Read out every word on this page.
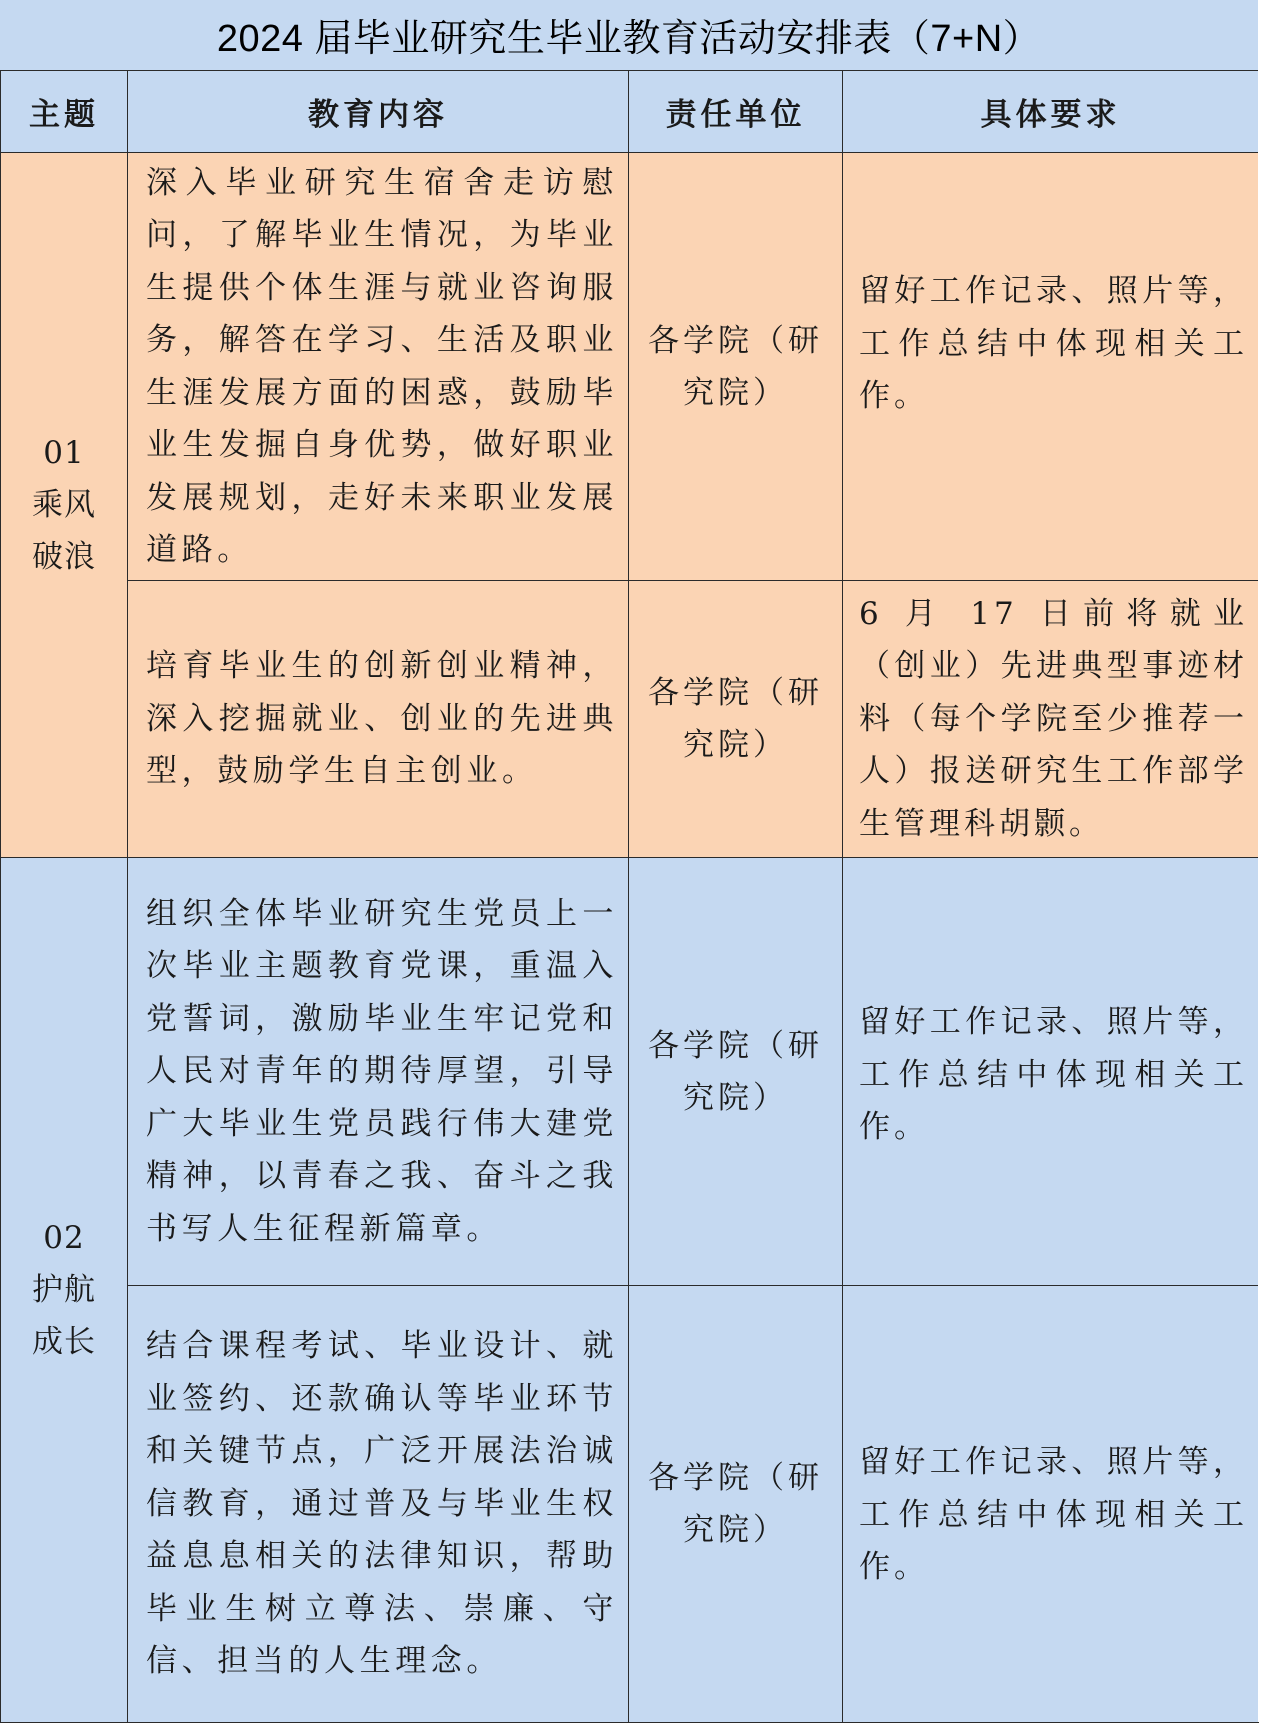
2024 届毕业研究生毕业教育活动安排表（7+N）
主题	教育内容	责任单位	具体要求

01
乘风
破浪	深入毕业研究生宿舍走访慰问，了解毕业生情况，为毕业生提供个体生涯与就业咨询服务，解答在学习、生活及职业生涯发展方面的困惑，鼓励毕业生发掘自身优势，做好职业发展规划，走好未来职业发展道路。	各学院（研究院）	留好工作记录、照片等，工作总结中体现相关工作。
	培育毕业生的创新创业精神，深入挖掘就业、创业的先进典型，鼓励学生自主创业。	各学院（研究院）	6 月 17 日前将就业（创业）先进典型事迹材料（每个学院至少推荐一人）报送研究生工作部学生管理科胡颢。

02
护航
成长	组织全体毕业研究生党员上一次毕业主题教育党课，重温入党誓词，激励毕业生牢记党和人民对青年的期待厚望，引导广大毕业生党员践行伟大建党精神，以青春之我、奋斗之我书写人生征程新篇章。	各学院（研究院）	留好工作记录、照片等，工作总结中体现相关工作。
	结合课程考试、毕业设计、就业签约、还款确认等毕业环节和关键节点，广泛开展法治诚信教育，通过普及与毕业生权益息息相关的法律知识，帮助毕业生树立尊法、崇廉、守信、担当的人生理念。	各学院（研究院）	留好工作记录、照片等，工作总结中体现相关工作。
